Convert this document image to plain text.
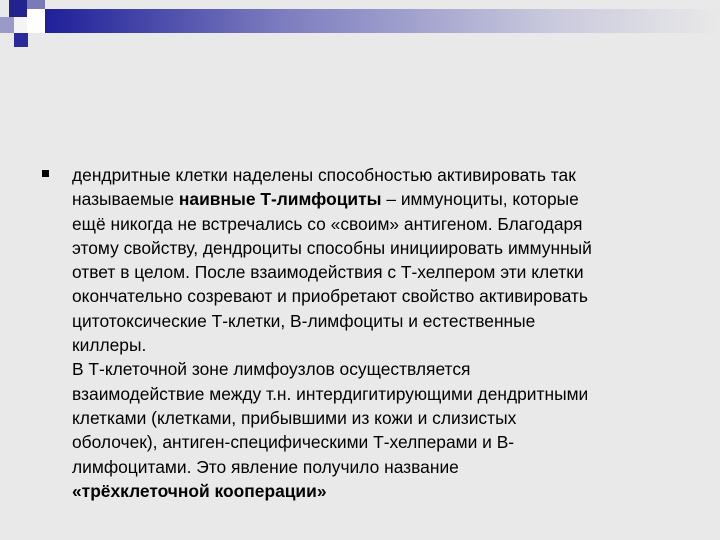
дендритные клетки наделены способностью активировать так
называемые наивные Т-лимфоциты – иммуноциты, которые
ещё никогда не встречались со «своим» антигеном. Благодаря
этому свойству, дендроциты способны инициировать иммунный
ответ в целом. После взаимодействия с Т-хелпером эти клетки
окончательно созревают и приобретают свойство активировать
цитотоксические Т-клетки, В-лимфоциты и естественные
киллеры.
В Т-клеточной зоне лимфоузлов осуществляется
взаимодействие между т.н. интердигитирующими дендритными
клетками (клетками, прибывшими из кожи и слизистых
оболочек), антиген-специфическими Т-хелперами и В-
лимфоцитами. Это явление получило название
«трёхклеточной кооперации»
